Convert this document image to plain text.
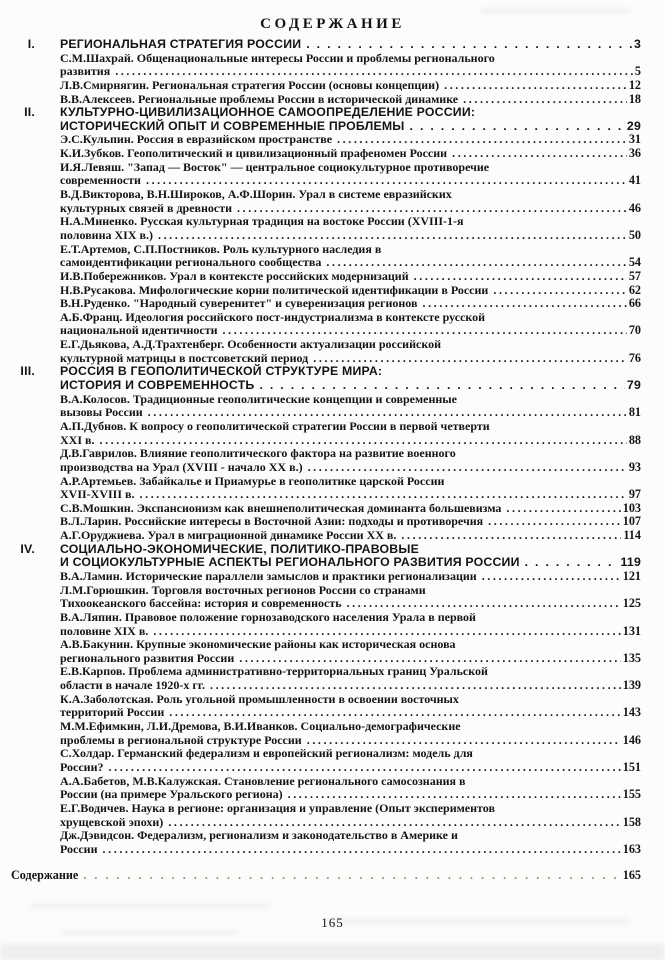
СОДЕРЖАНИЕ
I. РЕГИОНАЛЬНАЯ СТРАТЕГИЯ РОССИИ .....	3
С.М.Шахрай. Общенациональные интересы России и проблемы регионального
развития .....	5
Л.В.Смирнягин. Региональная стратегия России (основы концепции) .....	12
В.В.Алексеев. Региональные проблемы России в исторической динамике .....	18
II. КУЛЬТУРНО-ЦИВИЛИЗАЦИОННОЕ САМООПРЕДЕЛЕНИЕ РОССИИ:
ИСТОРИЧЕСКИЙ ОПЫТ И СОВРЕМЕННЫЕ ПРОБЛЕМЫ .....	29
Э.С.Кульпин. Россия в евразийском пространстве .....	31
К.И.Зубков. Геополитический и цивилизационный прафеномен России .....	36
И.Я.Левяш. "Запад — Восток" — центральное социокультурное противоречие
современности .....	41
В.Д.Викторова, В.Н.Широков, А.Ф.Шорин. Урал в системе евразийских
культурных связей в древности .....	46
Н.А.Миненко. Русская культурная традиция на востоке России (XVIII-1-я
половина XIX в.) .....	50
Е.Т.Артемов, С.П.Постников. Роль культурного наследия в
самоидентификации регионального сообщества .....	54
И.В.Побережников. Урал в контексте российских модернизаций .....	57
Н.В.Русакова. Мифологические корни политической идентификации в России .....	62
В.Н.Руденко. "Народный суверенитет" и суверенизация регионов .....	66
А.Б.Франц. Идеология российского пост-индустриализма в контексте русской
национальной идентичности .....	70
Е.Г.Дьякова, А.Д.Трахтенберг. Особенности актуализации российской
культурной матрицы в постсоветский период .....	76
III. РОССИЯ В ГЕОПОЛИТИЧЕСКОЙ СТРУКТУРЕ МИРА:
ИСТОРИЯ И СОВРЕМЕННОСТЬ .....	79
В.А.Колосов. Традиционные геополитические концепции и современные
вызовы России .....	81
А.П.Дубнов. К вопросу о геополитической стратегии России в первой четверти
XXI в. .....	88
Д.В.Гаврилов. Влияние геополитического фактора на развитие военного
производства на Урал (XVIII - начало XX в.) .....	93
А.Р.Артемьев. Забайкалье и Приамурье в геополитике царской России
XVII-XVIII в. .....	97
С.В.Мошкин. Экспансионизм как внешнеполитическая доминанта большевизма .....	103
В.Л.Ларин. Российские интересы в Восточной Азии: подходы и противоречия .....	107
А.Г.Оруджиева. Урал в миграционной динамике России XX в. .....	114
IV. СОЦИАЛЬНО-ЭКОНОМИЧЕСКИЕ, ПОЛИТИКО-ПРАВОВЫЕ
И СОЦИОКУЛЬТУРНЫЕ АСПЕКТЫ РЕГИОНАЛЬНОГО РАЗВИТИЯ РОССИИ .....	119
В.А.Ламин. Исторические параллели замыслов и практики регионализации .....	121
Л.М.Горюшкин. Торговля восточных регионов России со странами
Тихоокеанского бассейна: история и современность .....	125
В.А.Ляпин. Правовое положение горнозаводского населения Урала в первой
половине XIX в. .....	131
А.В.Бакунин. Крупные экономические районы как историческая основа
регионального развития России .....	135
Е.В.Карпов. Проблема административно-территориальных границ Уральской
области в начале 1920-х гг. .....	139
К.А.Заболотская. Роль угольной промышленности в освоении восточных
территорий России .....	143
М.М.Ефимкин, Л.И.Дремова, В.И.Иванков. Социально-демографические
проблемы в региональной структуре России .....	146
С.Холдар. Германский федерализм и европейский регионализм: модель для
России? .....	151
А.А.Бабетов, М.В.Калужская. Становление регионального самосознания в
России (на примере Уральского региона) .....	155
Е.Г.Водичев. Наука в регионе: организация и управление (Опыт экспериментов
хрущевской эпохи) .....	158
Дж.Дэвидсон. Федерализм, регионализм и законодательство в Америке и
России .....	163
Содержание .....	165
165
